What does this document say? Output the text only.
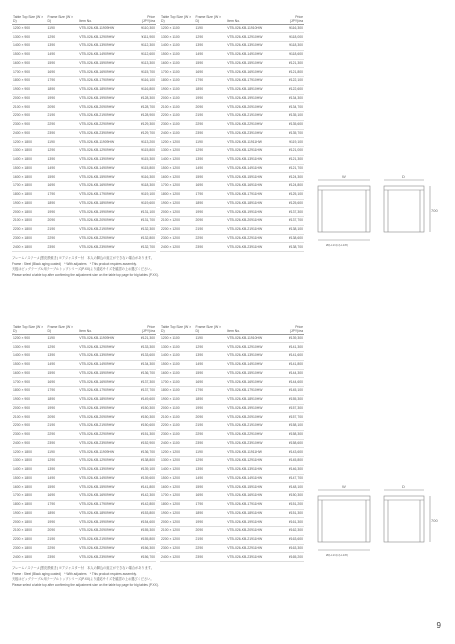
Table Top Size (W × D)	Frame Size (W × D)	Item No.	Price (JPY)/ea
1200 × 900	1190	VTB-026-KB-11909HW	¥110,300
1300 × 900	1290	VTB-026-KB-12909HW	¥111,900
1400 × 900	1390	VTB-026-KB-13909HW	¥112,300
1500 × 900	1490	VTB-026-KB-14909HW	¥112,600
1600 × 900	1590	VTB-026-KB-15909HW	¥113,300
1700 × 900	1690	VTB-026-KB-16909HW	¥115,700
1800 × 900	1790	VTB-026-KB-17909HW	¥116,100
1900 × 900	1890	VTB-026-KB-18909HW	¥116,800
2000 × 900	1990	VTB-026-KB-19909HW	¥128,300
2100 × 900	2090	VTB-026-KB-20909HW	¥128,700
2200 × 900	2190	VTB-026-KB-21909HW	¥128,900
2300 × 900	2290	VTB-026-KB-22909HW	¥129,300
2400 × 900	2390	VTB-026-KB-23909HW	¥129,700
1200 × 1800	1190	VTB-026-KB-11909HW	¥113,200
1300 × 1800	1290	VTB-026-KB-12909HW	¥115,800
1400 × 1800	1390	VTB-026-KB-13909HW	¥115,300
1500 × 1800	1490	VTB-026-KB-14909HW	¥115,800
1600 × 1800	1590	VTB-026-KB-15909HW	¥116,300
1700 × 1800	1690	VTB-026-KB-16909HW	¥118,300
1800 × 1800	1790	VTB-026-KB-17909HW	¥119,100
1900 × 1800	1890	VTB-026-KB-18909HW	¥119,600
2000 × 1800	1990	VTB-026-KB-19909HW	¥131,100
2100 × 1800	2090	VTB-026-KB-20909HW	¥131,700
2200 × 1800	2190	VTB-026-KB-21909HW	¥132,300
2300 × 1800	2290	VTB-026-KB-22909HW	¥132,800
2400 × 1800	2390	VTB-026-KB-23909HW	¥132,700
Table Top Size (W × D)	Frame Size (W × D)	Item No.	Price (JPY)/ea
1200 × 1100	1190	VTB-026-KB-11910HW	¥116,300
1300 × 1100	1290	VTB-026-KB-12910HW	¥118,000
1400 × 1100	1390	VTB-026-KB-13910HW	¥118,300
1500 × 1100	1490	VTB-026-KB-14910HW	¥118,600
1600 × 1100	1590	VTB-026-KB-15910HW	¥121,300
1700 × 1100	1690	VTB-026-KB-16910HW	¥121,800
1800 × 1100	1790	VTB-026-KB-17910HW	¥122,100
1900 × 1100	1890	VTB-026-KB-18910HW	¥122,600
2000 × 1100	1990	VTB-026-KB-19910HW	¥134,300
2100 × 1100	2090	VTB-026-KB-20910HW	¥134,700
2200 × 1100	2190	VTB-026-KB-21910HW	¥135,100
2300 × 1100	2290	VTB-026-KB-22910HW	¥135,600
2400 × 1100	2390	VTB-026-KB-23910HW	¥135,700
1200 × 1200	1190	VTB-026-KB-11911HW	¥119,100
1300 × 1200	1290	VTB-026-KB-12911HW	¥121,000
1400 × 1200	1390	VTB-026-KB-13911HW	¥121,300
1500 × 1200	1490	VTB-026-KB-14911HW	¥121,700
1600 × 1200	1590	VTB-026-KB-15911HW	¥124,300
1700 × 1200	1690	VTB-026-KB-16911HW	¥124,800
1800 × 1200	1790	VTB-026-KB-17911HW	¥125,100
1900 × 1200	1890	VTB-026-KB-18911HW	¥125,600
2000 × 1200	1990	VTB-026-KB-19911HW	¥137,300
2100 × 1200	2090	VTB-026-KB-20911HW	¥137,700
2200 × 1200	2190	VTB-026-KB-21911HW	¥138,100
2300 × 1200	2290	VTB-026-KB-22911HW	¥138,600
2400 × 1200	2390	VTB-026-KB-23911HW	¥138,700
W	D
700
Ø(H-1/4) (H-1/8)
フレーム / ステーメ(黒皮鉄焼き) ※アジャスター付　本人の脚込の組立ができない場合があります。
Frame : Steel (Black aging coated)　* With adjusters　* This product requires assembly.
天板はビッグテーブル用テーブルトップシリーズ(P.XX)より適応サイズを確認の上お選びください。
Please select a table top after confirming the adjustment size on the table top page for big tables (P.XX).
Table Top Size (W × D)	Frame Size (W × D)	Item No.	Price (JPY)/ea
1200 × 900	1190	VTB-026-KB-11909HW	¥121,300
1300 × 900	1290	VTB-026-KB-12909HW	¥133,300
1400 × 900	1390	VTB-026-KB-13909HW	¥133,600
1500 × 900	1490	VTB-026-KB-14909HW	¥134,300
1600 × 900	1590	VTB-026-KB-15909HW	¥136,700
1700 × 900	1690	VTB-026-KB-16909HW	¥137,300
1800 × 900	1790	VTB-026-KB-17909HW	¥137,700
1900 × 900	1890	VTB-026-KB-18909HW	¥149,600
2000 × 900	1990	VTB-026-KB-19909HW	¥150,300
2100 × 900	2090	VTB-026-KB-20909HW	¥150,300
2200 × 900	2190	VTB-026-KB-21909HW	¥150,600
2300 × 900	2290	VTB-026-KB-22909HW	¥151,300
2400 × 900	2390	VTB-026-KB-23909HW	¥152,900
1200 × 1800	1190	VTB-026-KB-11909HW	¥136,700
1300 × 1800	1290	VTB-026-KB-12909HW	¥138,800
1400 × 1800	1390	VTB-026-KB-13909HW	¥139,100
1500 × 1800	1490	VTB-026-KB-14909HW	¥139,600
1600 × 1800	1590	VTB-026-KB-15909HW	¥141,800
1700 × 1800	1690	VTB-026-KB-16909HW	¥142,300
1800 × 1800	1790	VTB-026-KB-17909HW	¥142,800
1900 × 1800	1890	VTB-026-KB-18909HW	¥153,800
2000 × 1800	1990	VTB-026-KB-19909HW	¥154,600
2100 × 1800	2090	VTB-026-KB-20909HW	¥155,300
2200 × 1800	2190	VTB-026-KB-21909HW	¥155,800
2300 × 1800	2290	VTB-026-KB-22909HW	¥156,300
2400 × 1800	2390	VTB-026-KB-23909HW	¥156,700
Table Top Size (W × D)	Frame Size (W × D)	Item No.	Price (JPY)/ea
1200 × 1100	1190	VTB-026-KB-11910HW	¥139,300
1300 × 1100	1290	VTB-026-KB-12910HW	¥141,300
1400 × 1100	1390	VTB-026-KB-13910HW	¥141,600
1500 × 1100	1490	VTB-026-KB-14910HW	¥141,800
1600 × 1100	1590	VTB-026-KB-15910HW	¥144,300
1700 × 1100	1690	VTB-026-KB-16910HW	¥144,600
1800 × 1100	1790	VTB-026-KB-17910HW	¥145,100
1900 × 1100	1890	VTB-026-KB-18910HW	¥155,300
2000 × 1100	1990	VTB-026-KB-19910HW	¥157,300
2100 × 1100	2090	VTB-026-KB-20910HW	¥157,700
2200 × 1100	2190	VTB-026-KB-21910HW	¥158,100
2300 × 1100	2290	VTB-026-KB-22910HW	¥158,300
2400 × 1100	2390	VTB-026-KB-23910HW	¥158,600
1200 × 1200	1190	VTB-026-KB-11911HW	¥143,600
1300 × 1200	1290	VTB-026-KB-12911HW	¥145,800
1400 × 1200	1390	VTB-026-KB-13911HW	¥146,300
1500 × 1200	1490	VTB-026-KB-14911HW	¥147,700
1600 × 1200	1590	VTB-026-KB-15911HW	¥148,100
1700 × 1200	1690	VTB-026-KB-16911HW	¥150,300
1800 × 1200	1790	VTB-026-KB-17911HW	¥151,200
1900 × 1200	1890	VTB-026-KB-18911HW	¥151,300
2000 × 1200	1990	VTB-026-KB-19911HW	¥161,300
2100 × 1200	2090	VTB-026-KB-20911HW	¥162,300
2200 × 1200	2190	VTB-026-KB-21911HW	¥163,600
2300 × 1200	2290	VTB-026-KB-22911HW	¥163,300
2400 × 1200	2390	VTB-026-KB-23911HW	¥165,200
W	D
700
Ø(H-1/4) (H-1/8)
フレーム / ステーメ(黒皮鉄焼き) ※アジャスター付　本人の脚込の組立ができない場合があります。
Frame : Steel (Black aging coated)　* With adjusters　* This product requires assembly.
天板はビッグテーブル用テーブルトップシリーズ(P.XX)より適応サイズを確認の上お選びください。
Please select a table top after confirming the adjustment size on the table top page for big tables (P.XX).
9
